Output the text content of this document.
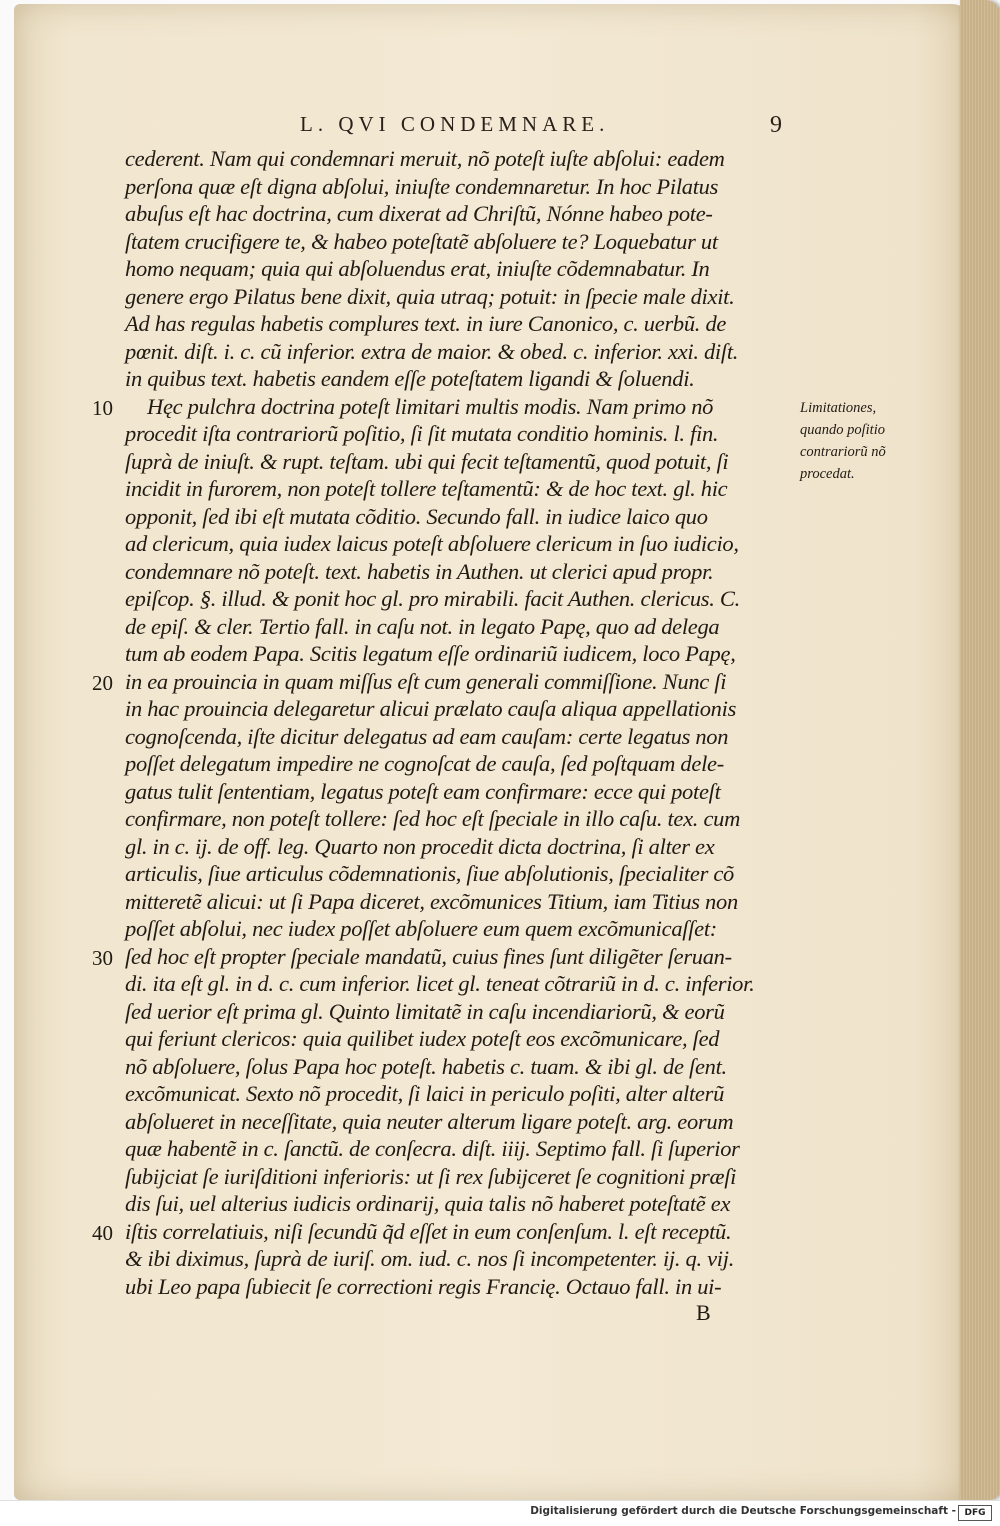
L. QVI CONDEMNARE.	9
cederent. Nam qui condemnari meruit, nõ poteſt iuſte abſolui: eadem
perſona quæ eſt digna abſolui, iniuſte condemnaretur. In hoc Pilatus
abuſus eſt hac doctrina, cum dixerat ad Chriſtũ, Nónne habeo pote-
ſtatem crucifigere te, & habeo poteſtatẽ abſoluere te? Loquebatur ut
homo nequam; quia qui abſoluendus erat, iniuſte cõdemnabatur. In
genere ergo Pilatus bene dixit, quia utraq; potuit: in ſpecie male dixit.
Ad has regulas habetis complures text. in iure Canonico, c. uerbũ. de
pœnit. diſt. i. c. cũ inferior. extra de maior. & obed. c. inferior. xxi. diſt.
in quibus text. habetis eandem eſſe poteſtatem ligandi & ſoluendi.
Hęc pulchra doctrina poteſt limitari multis modis. Nam primo nõ
procedit iſta contrariorũ poſitio, ſi ſit mutata conditio hominis. l. fin.
ſuprà de iniuſt. & rupt. teſtam. ubi qui fecit teſtamentũ, quod potuit, ſi
incidit in furorem, non poteſt tollere teſtamentũ: & de hoc text. gl. hic
opponit, ſed ibi eſt mutata cõditio. Secundo fall. in iudice laico quo
ad clericum, quia iudex laicus poteſt abſoluere clericum in ſuo iudicio,
condemnare nõ poteſt. text. habetis in Authen. ut clerici apud propr.
epiſcop. §. illud. & ponit hoc gl. pro mirabili. facit Authen. clericus. C.
de epiſ. & cler. Tertio fall. in caſu not. in legato Papę, quo ad delega
tum ab eodem Papa. Scitis legatum eſſe ordinariũ iudicem, loco Papę,
in ea prouincia in quam miſſus eſt cum generali commiſſione. Nunc ſi
in hac prouincia delegaretur alicui prælato cauſa aliqua appellationis
cognoſcenda, iſte dicitur delegatus ad eam cauſam: certe legatus non
poſſet delegatum impedire ne cognoſcat de cauſa, ſed poſtquam dele-
gatus tulit ſententiam, legatus poteſt eam confirmare: ecce qui poteſt
confirmare, non poteſt tollere: ſed hoc eſt ſpeciale in illo caſu. tex. cum
gl. in c. ij. de off. leg. Quarto non procedit dicta doctrina, ſi alter ex
articulis, ſiue articulus cõdemnationis, ſiue abſolutionis, ſpecialiter cõ
mitteretẽ alicui: ut ſi Papa diceret, excõmunices Titium, iam Titius non
poſſet abſolui, nec iudex poſſet abſoluere eum quem excõmunicaſſet:
ſed hoc eſt propter ſpeciale mandatũ, cuius fines ſunt diligẽter ſeruan-
di. ita eſt gl. in d. c. cum inferior. licet gl. teneat cõtrariũ in d. c. inferior.
ſed uerior eſt prima gl. Quinto limitatẽ in caſu incendiariorũ, & eorũ
qui feriunt clericos: quia quilibet iudex poteſt eos excõmunicare, ſed
nõ abſoluere, ſolus Papa hoc poteſt. habetis c. tuam. & ibi gl. de ſent.
excõmunicat. Sexto nõ procedit, ſi laici in periculo poſiti, alter alterũ
abſolueret in neceſſitate, quia neuter alterum ligare poteſt. arg. eorum
quæ habentẽ in c. ſanctũ. de conſecra. diſt. iiij. Septimo fall. ſi ſuperior
ſubijciat ſe iuriſditioni inferioris: ut ſi rex ſubijceret ſe cognitioni præſi
dis ſui, uel alterius iudicis ordinarij, quia talis nõ haberet poteſtatẽ ex
iſtis correlatiuis, niſi ſecundũ q̃d eſſet in eum conſenſum. l. eſt receptũ.
& ibi diximus, ſuprà de iuriſ. om. iud. c. nos ſi incompetenter. ij. q. vij.
ubi Leo papa ſubiecit ſe correctioni regis Francię. Octauo fall. in ui-
10
20
30
40
Limitationes,
quando poſitio
contrariorũ nõ
procedat.
B
Digitalisierung gefördert durch die Deutsche Forschungsgemeinschaft - DFG
